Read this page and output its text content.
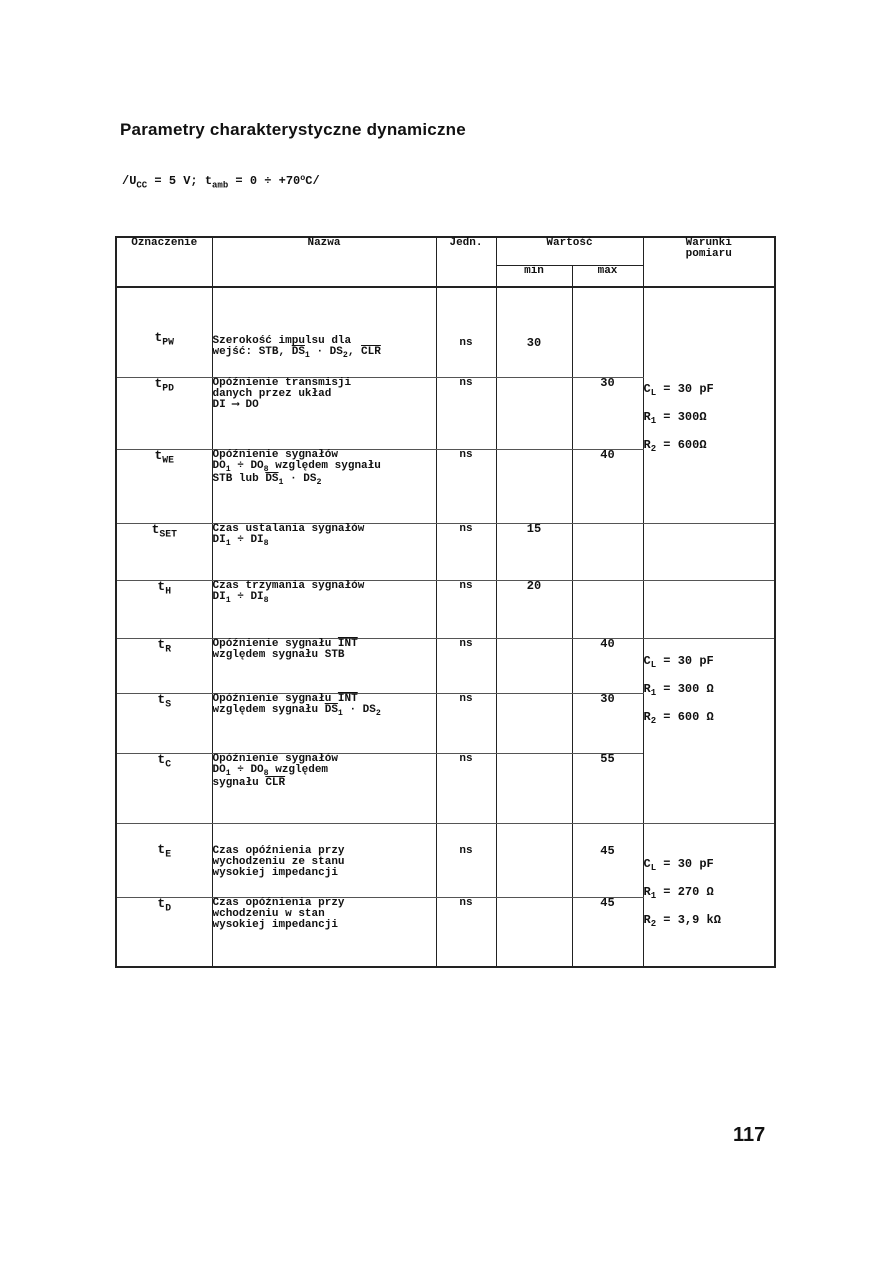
Parametry charakterystyczne dynamiczne
$/U_{CC} = 5$ V; $t_{amb} = 0 \div +70^oC/$
Oznaczenie	Nazwa	Jedn.	Wartość		Warunki
pomiaru
			min	max	
$t_{PW}$	Szerokość impulsu dla
wejść: STB, $\overline{DS}_1 \cdot DS_2$, $\overline{CLR}$	ns	30		
$t_{PD}$	Opóźnienie transmisji
danych przez układ
DI ⟶ DO	ns		30	$C_L = 30$ pF
$R_1 = 300\Omega$
$R_2 = 600\Omega$
$t_{WE}$	Opóźnienie sygnałów
$DO_1 \div DO_8$ względem sygnału
STB lub $\overline{DS}_1 \cdot DS_2$	ns		40	
$t_{SET}$	Czas ustalania sygnałów
$DI_1 \div DI_8$	ns	15		
$t_H$	Czas trzymania sygnałów
$DI_1 \div DI_8$	ns	20		
$t_R$	Opóźnienie sygnału $\overline{INT}$
względem sygnału STB	ns		40	$C_L = 30$ pF
$R_1 = 300$ Ω
$R_2 = 600$ Ω
$t_S$	Opóźnienie sygnału $\overline{INT}$
względem sygnału $\overline{DS}_1 \cdot DS_2$	ns		30	
$t_C$	Opóźnienie sygnałów
$DO_1 \div DO_8$ względem
sygnału $\overline{CLR}$	ns		55	
$t_E$	Czas opóźnienia przy
wychodzeniu ze stanu
wysokiej impedancji	ns		45	$C_L = 30$ pF
$R_1 = 270$ Ω
$R_2 = 3,9$ kΩ
$t_D$	Czas opóźnienia przy
wchodzeniu w stan
wysokiej impedancji	ns		45	
117
